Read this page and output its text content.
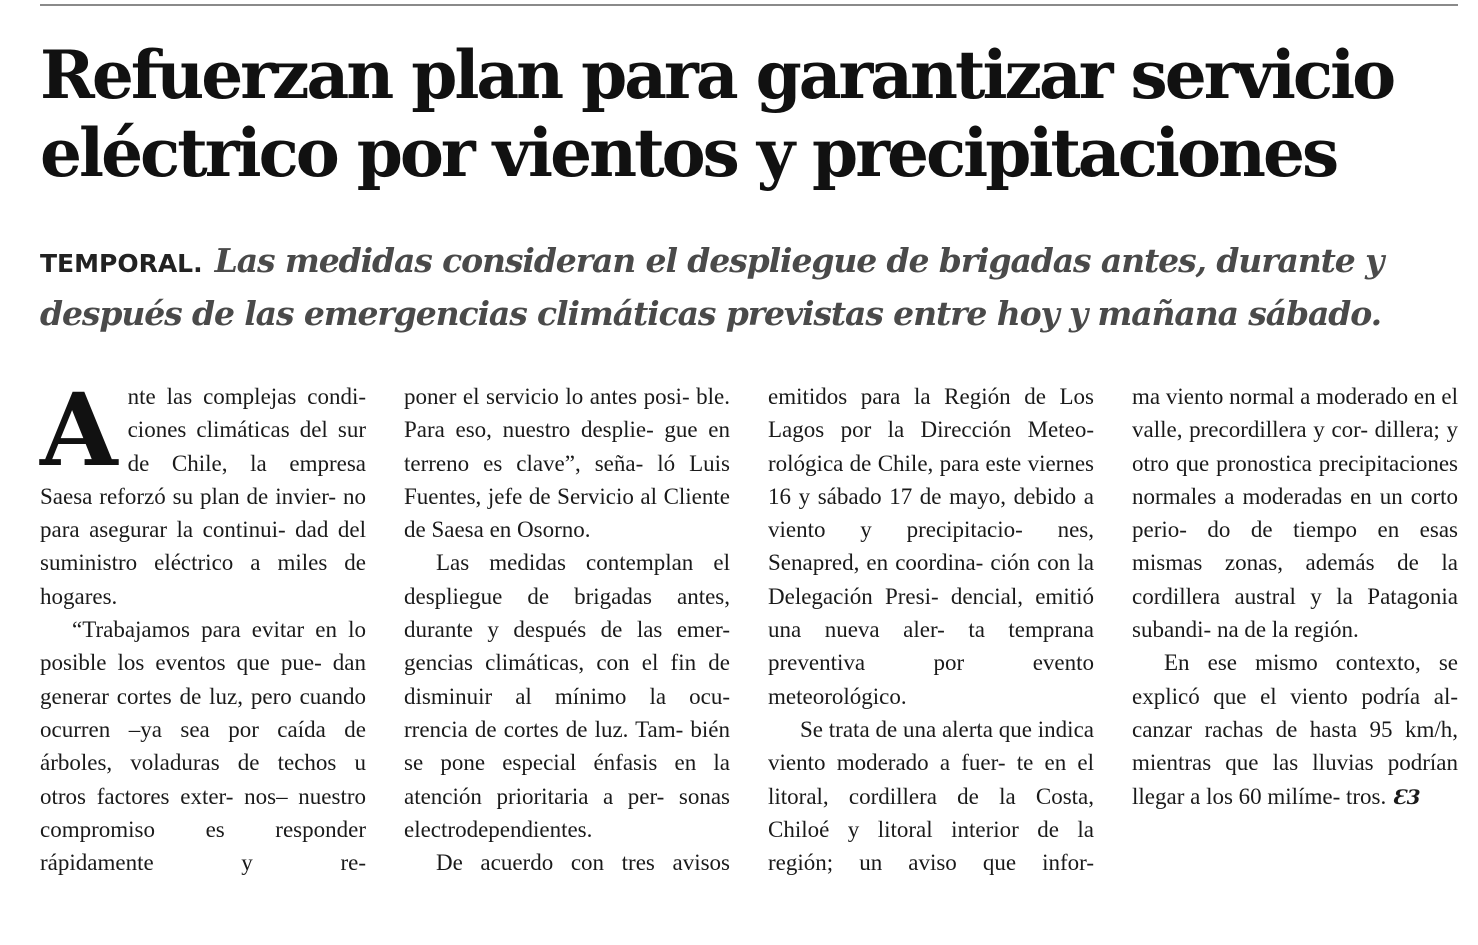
Refuerzan plan para garantizar servicio
eléctrico por vientos y precipitaciones
TEMPORAL. Las medidas consideran el despliegue de brigadas antes, durante y
después de las emergencias climáticas previstas entre hoy y mañana sábado.
A nte las complejas condi- ciones climáticas del sur de Chile, la empresa Saesa reforzó su plan de invier- no para asegurar la continui- dad del suministro eléctrico a miles de hogares.

“Trabajamos para evitar en lo posible los eventos que pue- dan generar cortes de luz, pero cuando ocurren –ya sea por caída de árboles, voladuras de techos u otros factores exter- nos– nuestro compromiso es responder rápidamente y re-

poner el servicio lo antes posi- ble. Para eso, nuestro desplie- gue en terreno es clave”, seña- ló Luis Fuentes, jefe de Servicio al Cliente de Saesa en Osorno.

Las medidas contemplan el despliegue de brigadas antes, durante y después de las emer- gencias climáticas, con el fin de disminuir al mínimo la ocu- rrencia de cortes de luz. Tam- bién se pone especial énfasis en la atención prioritaria a per- sonas electrodependientes.

De acuerdo con tres avisos

emitidos para la Región de Los Lagos por la Dirección Meteo- rológica de Chile, para este viernes 16 y sábado 17 de mayo, debido a viento y precipitacio- nes, Senapred, en coordina- ción con la Delegación Presi- dencial, emitió una nueva aler- ta temprana preventiva por evento meteorológico.

Se trata de una alerta que indica viento moderado a fuer- te en el litoral, cordillera de la Costa, Chiloé y litoral interior de la región; un aviso que infor-

ma viento normal a moderado en el valle, precordillera y cor- dillera; y otro que pronostica precipitaciones normales a moderadas en un corto perio- do de tiempo en esas mismas zonas, además de la cordillera austral y la Patagonia subandi- na de la región.

En ese mismo contexto, se explicó que el viento podría al- canzar rachas de hasta 95 km/h, mientras que las lluvias podrían llegar a los 60 milíme- tros. Ɛ3
